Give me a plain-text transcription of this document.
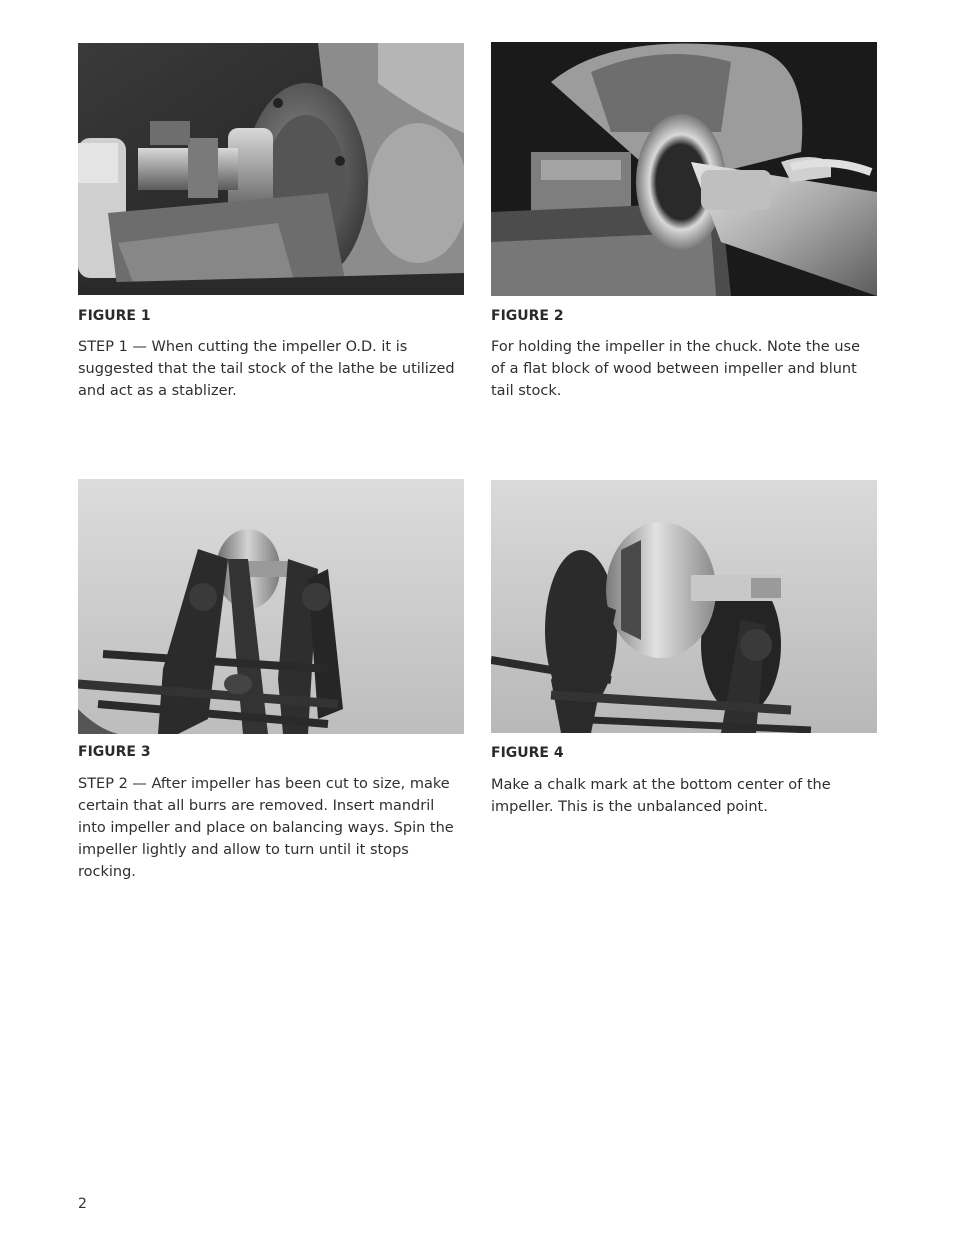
FIGURE 1

STEP 1 — When cutting the impeller O.D. it is suggested that the tail stock of the lathe be utilized and act as a stablizer.

FIGURE 2

For holding the impeller in the chuck. Note the use of a flat block of wood between impeller and blunt tail stock.

FIGURE 3

STEP 2 — After impeller has been cut to size, make certain that all burrs are removed. Insert mandril into impeller and place on balancing ways. Spin the impeller lightly and allow to turn until it stops rocking.

FIGURE 4

Make a chalk mark at the bottom center of the impeller. This is the unbalanced point.

2
